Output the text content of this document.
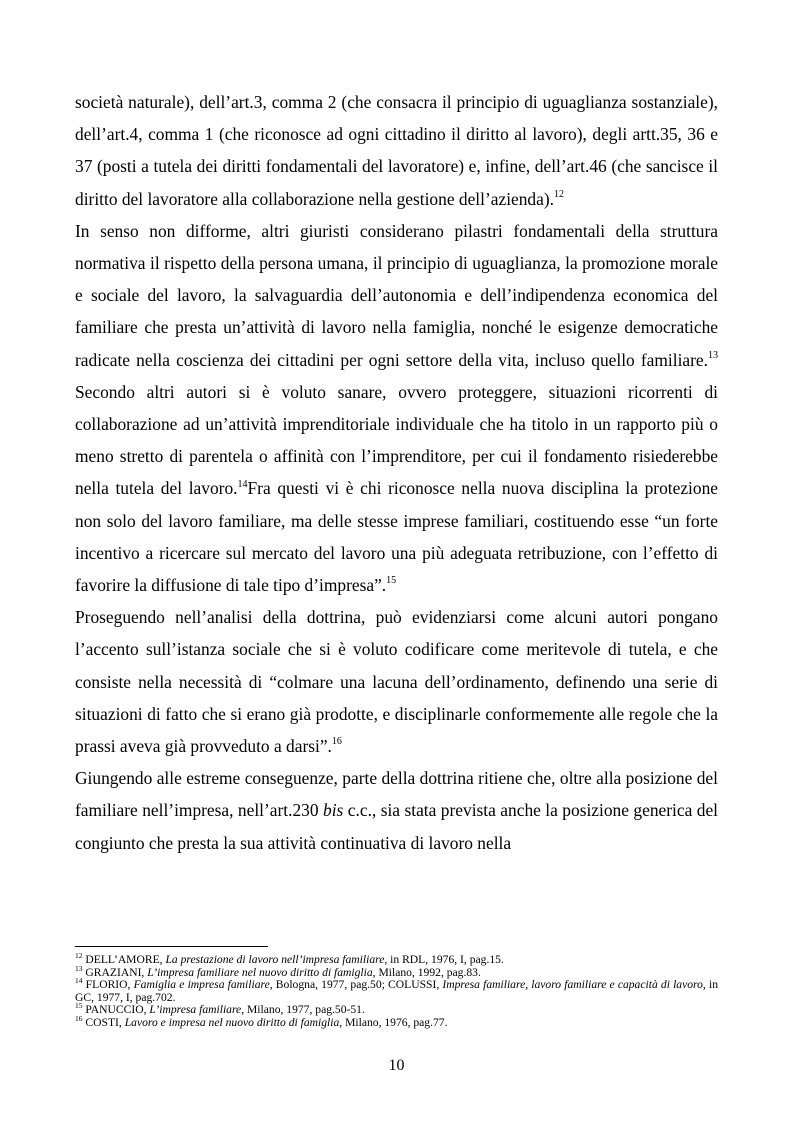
società naturale), dell’art.3, comma 2 (che consacra il principio di uguaglianza sostanziale), dell’art.4, comma 1 (che riconosce ad ogni cittadino il diritto al lavoro), degli artt.35, 36 e 37 (posti a tutela dei diritti fondamentali del lavoratore) e, infine, dell’art.46 (che sancisce il diritto del lavoratore alla collaborazione nella gestione dell’azienda).$^{12}$

In senso non difforme, altri giuristi considerano pilastri fondamentali della struttura normativa il rispetto della persona umana, il principio di uguaglianza, la promozione morale e sociale del lavoro, la salvaguardia dell’autonomia e dell’indipendenza economica del familiare che presta un’attività di lavoro nella famiglia, nonché le esigenze democratiche radicate nella coscienza dei cittadini per ogni settore della vita, incluso quello familiare.$^{13}$ Secondo altri autori si è voluto sanare, ovvero proteggere, situazioni ricorrenti di collaborazione ad un’attività imprenditoriale individuale che ha titolo in un rapporto più o meno stretto di parentela o affinità con l’imprenditore, per cui il fondamento risiederebbe nella tutela del lavoro.$^{14}$Fra questi vi è chi riconosce nella nuova disciplina la protezione non solo del lavoro familiare, ma delle stesse imprese familiari, costituendo esse “un forte incentivo a ricercare sul mercato del lavoro una più adeguata retribuzione, con l’effetto di favorire la diffusione di tale tipo d’impresa”.$^{15}$

Proseguendo nell’analisi della dottrina, può evidenziarsi come alcuni autori pongano l’accento sull’istanza sociale che si è voluto codificare come meritevole di tutela, e che consiste nella necessità di “colmare una lacuna dell’ordinamento, definendo una serie di situazioni di fatto che si erano già prodotte, e disciplinarle conformemente alle regole che la prassi aveva già provveduto a darsi”.$^{16}$

Giungendo alle estreme conseguenze, parte della dottrina ritiene che, oltre alla posizione del familiare nell’impresa, nell’art.230 bis c.c., sia stata prevista anche la posizione generica del congiunto che presta la sua attività continuativa di lavoro nella

$^{12}$ DELL’AMORE, La prestazione di lavoro nell’impresa familiare, in RDL, 1976, I, pag.15.

$^{13}$ GRAZIANI, L’impresa familiare nel nuovo diritto di famiglia, Milano, 1992, pag.83.

$^{14}$ FLORIO, Famiglia e impresa familiare, Bologna, 1977, pag.50; COLUSSI, Impresa familiare, lavoro familiare e capacità di lavoro, in GC, 1977, I, pag.702.

$^{15}$ PANUCCIO, L’impresa familiare, Milano, 1977, pag.50-51.

$^{16}$ COSTI, Lavoro e impresa nel nuovo diritto di famiglia, Milano, 1976, pag.77.

10
